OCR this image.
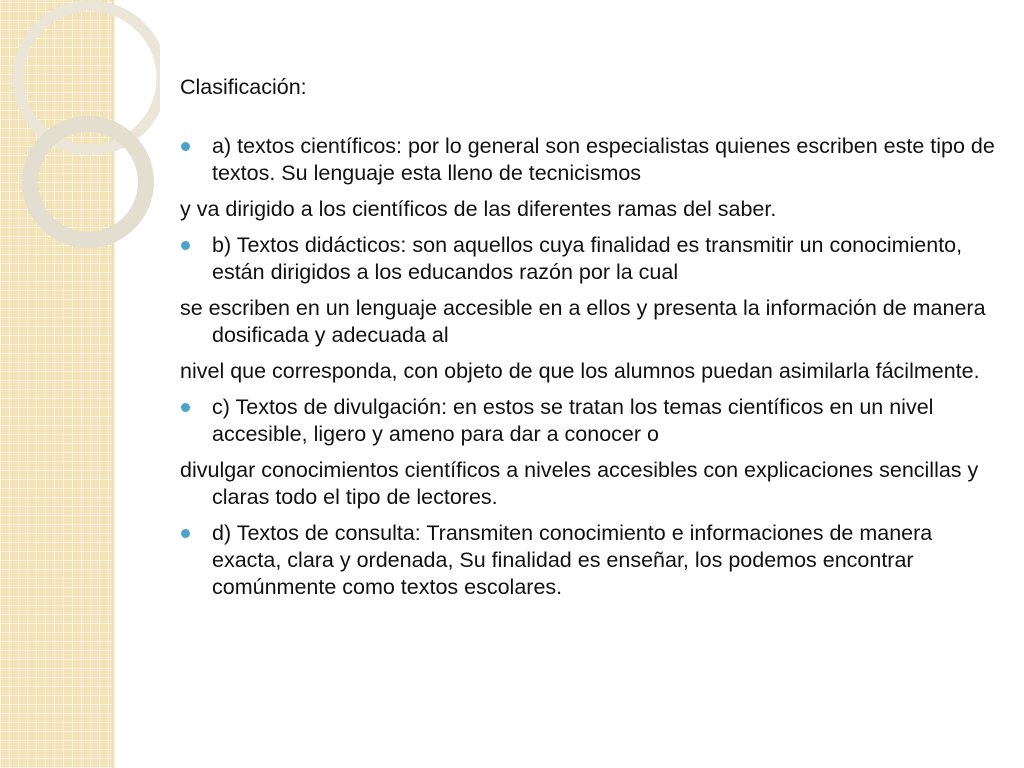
Clasificación:
a) textos científicos: por lo general son especialistas quienes escriben este tipo de textos. Su lenguaje esta lleno de tecnicismos
y va dirigido a los científicos de las diferentes ramas del saber.
b) Textos didácticos: son aquellos cuya finalidad es transmitir un conocimiento, están dirigidos a los educandos razón por la cual
se escriben en un lenguaje accesible en a ellos y presenta la información de manera dosificada y adecuada al
nivel que corresponda, con objeto de que los alumnos puedan asimilarla fácilmente.
c) Textos de divulgación: en estos se tratan los temas científicos en un nivel accesible, ligero y ameno para dar a conocer o
divulgar conocimientos científicos a niveles accesibles con explicaciones sencillas y claras todo el tipo de lectores.
d) Textos de consulta: Transmiten conocimiento e informaciones de manera exacta, clara y ordenada, Su finalidad es enseñar, los podemos encontrar comúnmente como textos escolares.
